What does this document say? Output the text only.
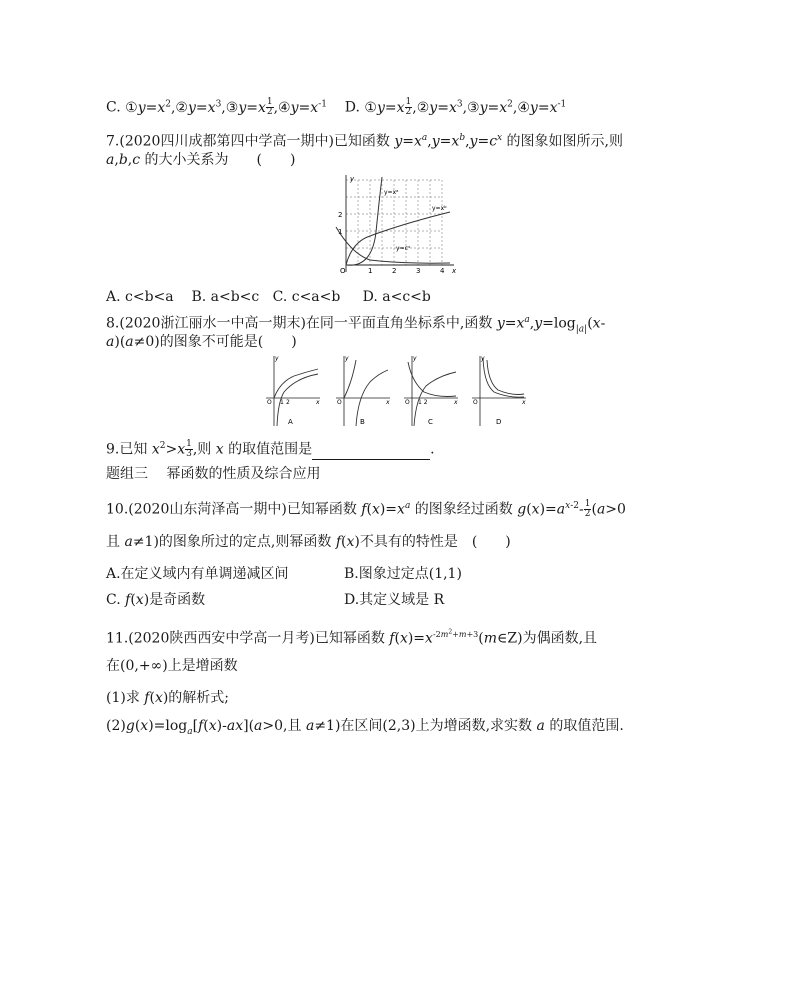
C. $①y=x^2,②y=x^3,③y=x \frac{1}{2}$ $,④y=x^{-1}$ D. ①y=x $\frac{1}{2}$ $,②y=x^3,③y=x^2,④y=x^{-1}$
7.(2020四川成都第四中学高一期中)已知函数 $y=x^a,y=x^b,y=c^x$ 的图象如图所示,则
a,b,c 的大小关系为　　(　　)
y=xᵃ
y=xᵇ
y=cˣ
y
x
O
1
2
1	2	3	4
A. c<b<a B. a<b<c C. c<a<b D. a<c<b
8.(2020浙江丽水一中高一期末)在同一平面直角坐标系中,函数 $y=x^a,y=\log_{|a|}(x-$
a)(a≠0)的图象不可能是(　　)
O 1 2	x
y
A
O	x
y
B
O 1 2	x
y
C
O	x
y
D
9.已知 $x^2>x \frac{1}{3}$ ,则 x 的取值范围是	.
题组三　 幂函数的性质及综合应用
10.(2020山东菏泽高一期中)已知幂函数 $f(x)=x^a$ 的图象经过函数 $g(x)=a^{x-2}- \frac{1}{2} (a>0$
且 a≠1)的图象所过的定点,则幂函数 f(x)不具有的特性是　(　　)
A.在定义域内有单调递减区间	B.图象过定点(1,1)
C. f(x)是奇函数	D.其定义域是 R
11.(2020陕西西安中学高一月考)已知幂函数 $f(x)=x^{-2m^2+m+3}(m\in Z)$为偶函数,且
在(0,+∞)上是增函数
(1)求 f(x)的解析式;
$(2)g(x)=\log_a[f(x)-ax](a>0$,且 a≠1)在区间(2,3)上为增函数,求实数 a 的取值范围.
